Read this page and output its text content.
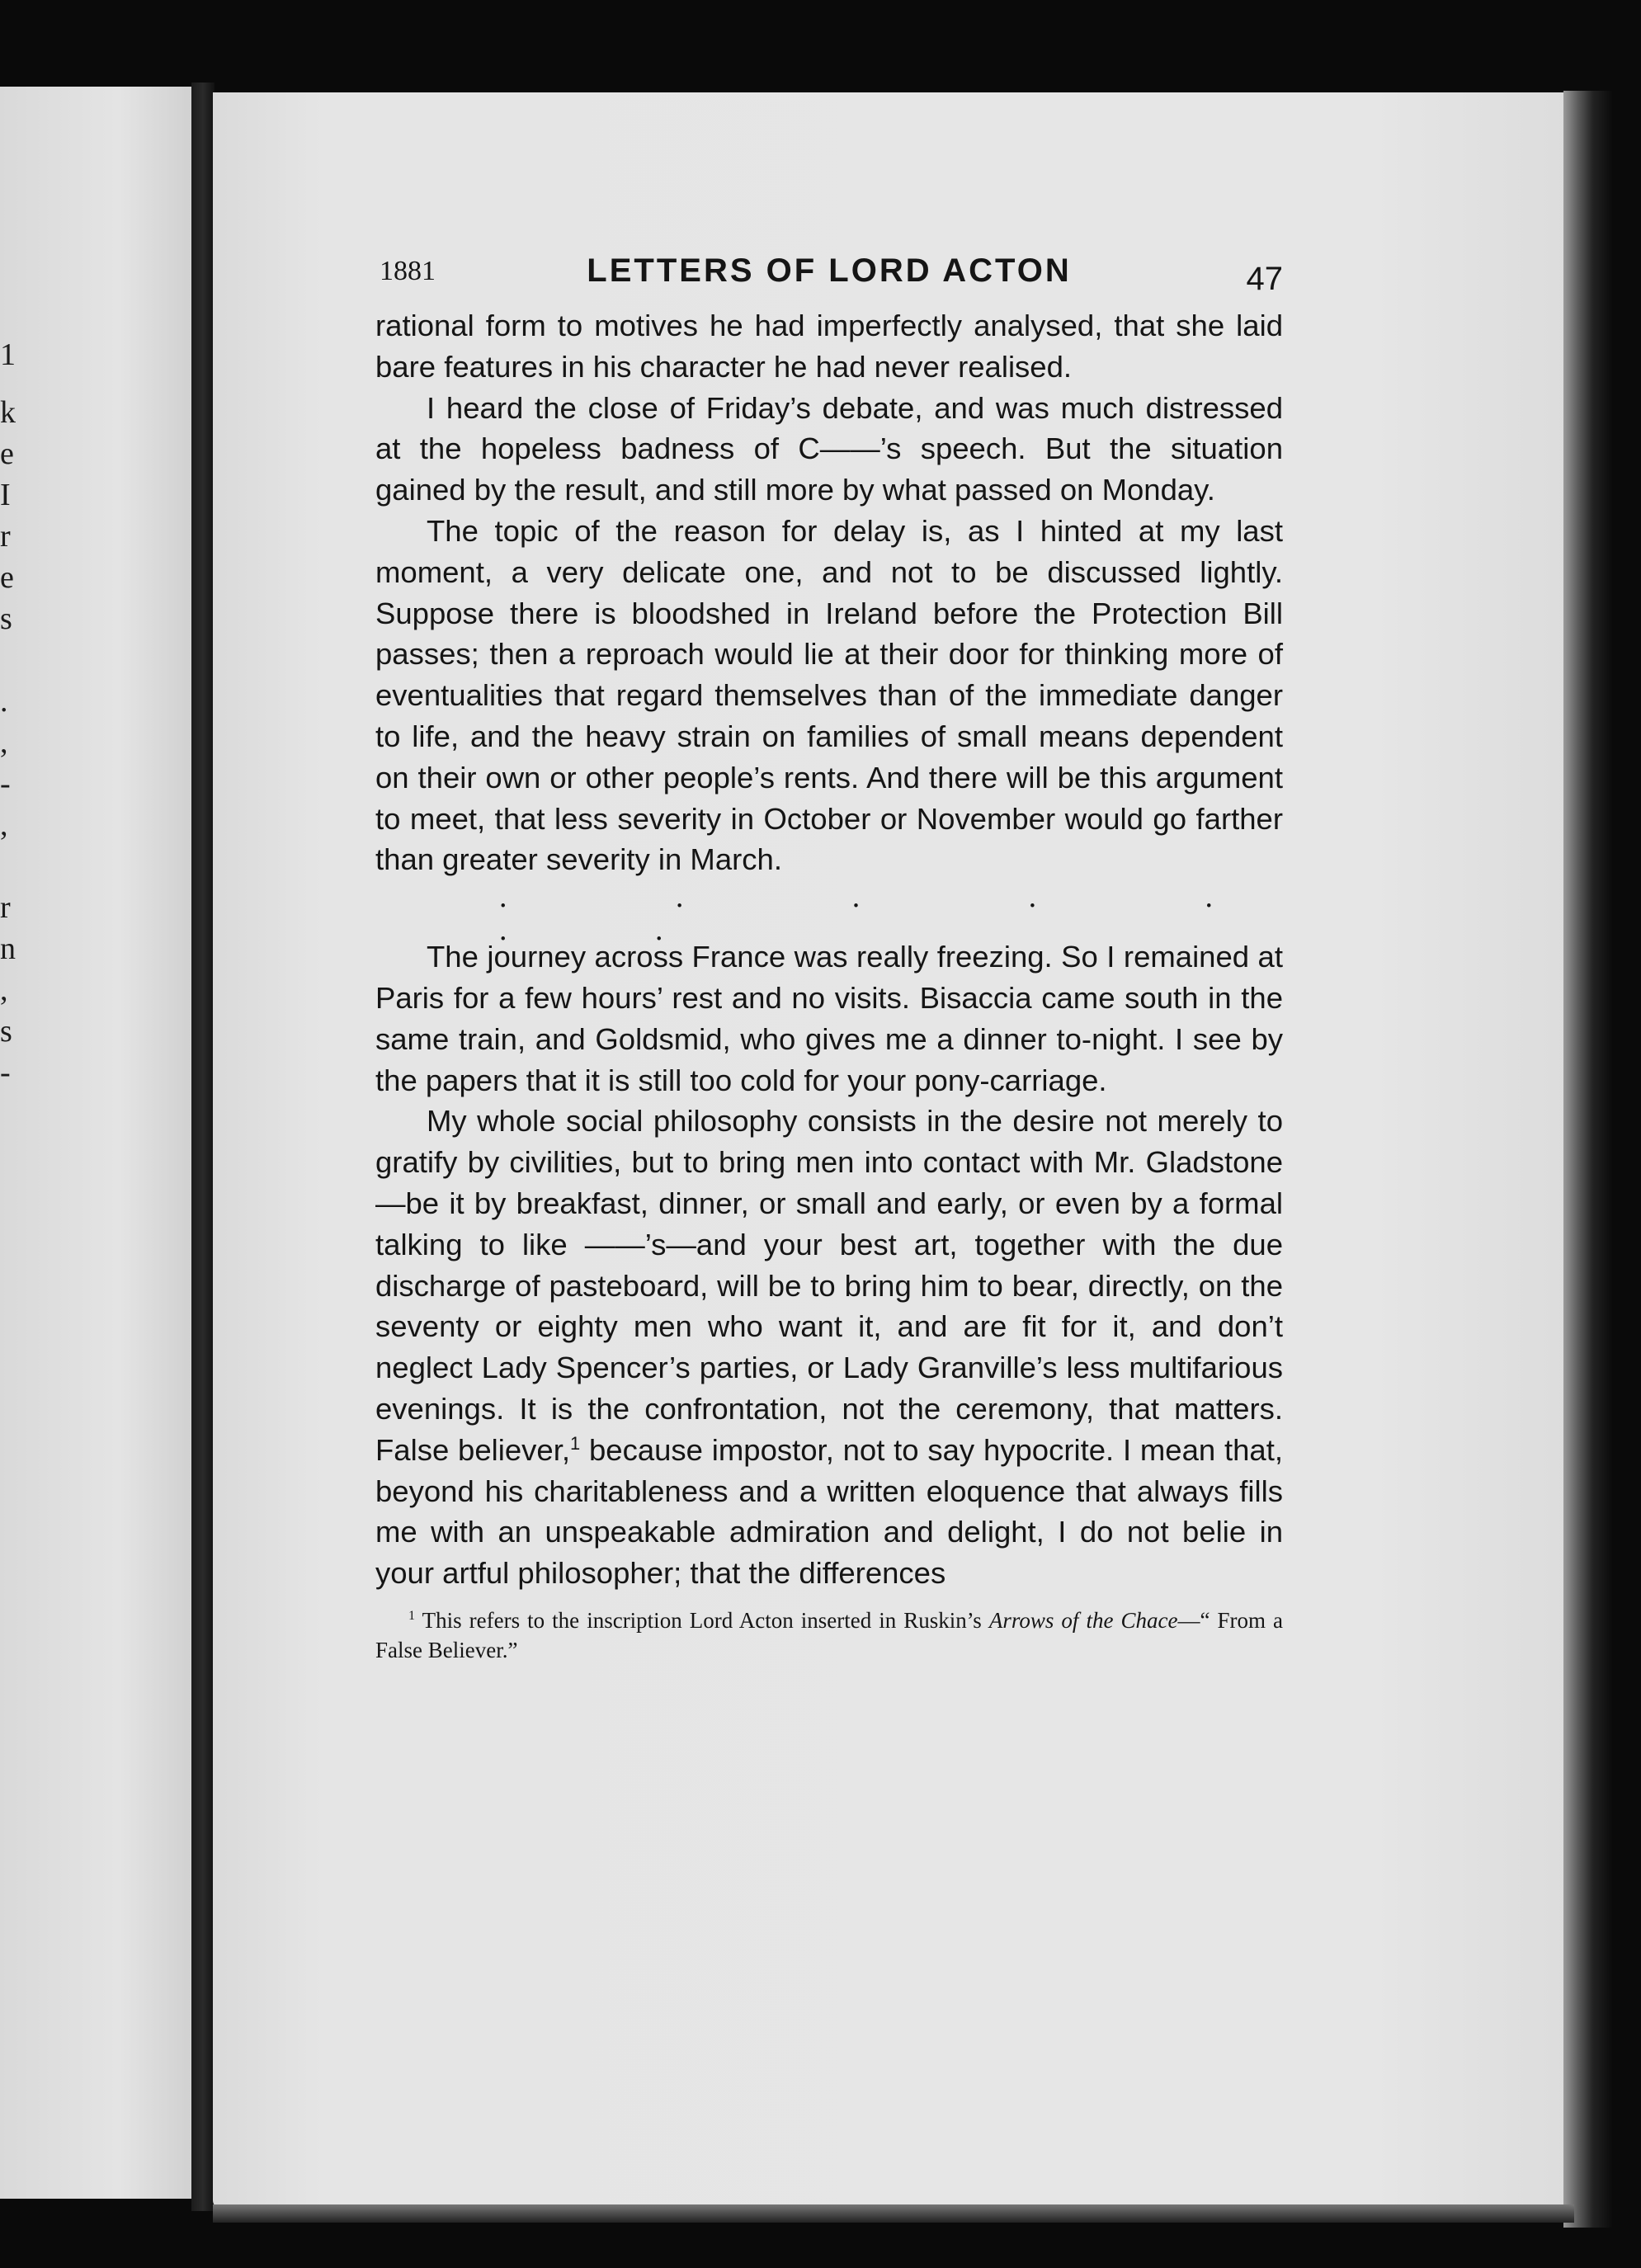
1
k
e
I
r
e
s
.
,
-
,
r
n
,
s
-
1881	LETTERS OF LORD ACTON	47

rational form to motives he had imperfectly analysed, that she laid bare features in his character he had never realised.

I heard the close of Friday’s debate, and was much distressed at the hopeless badness of C——’s speech. But the situation gained by the result, and still more by what passed on Monday.

The topic of the reason for delay is, as I hinted at my last moment, a very delicate one, and not to be discussed lightly. Suppose there is bloodshed in Ireland before the Protection Bill passes; then a reproach would lie at their door for thinking more of eventualities that regard themselves than of the immediate danger to life, and the heavy strain on families of small means dependent on their own or other people’s rents. And there will be this argument to meet, that less severity in October or November would go farther than greater severity in March.

. . . . . . .

The journey across France was really freezing. So I remained at Paris for a few hours’ rest and no visits. Bisaccia came south in the same train, and Goldsmid, who gives me a dinner to-night. I see by the papers that it is still too cold for your pony-carriage.

My whole social philosophy consists in the desire not merely to gratify by civilities, but to bring men into contact with Mr. Gladstone—be it by breakfast, dinner, or small and early, or even by a formal talking to like ——’s—and your best art, together with the due discharge of pasteboard, will be to bring him to bear, directly, on the seventy or eighty men who want it, and are fit for it, and don’t neglect Lady Spencer’s parties, or Lady Granville’s less multifarious evenings. It is the confrontation, not the ceremony, that matters. False believer,$^1$ because impostor, not to say hypocrite. I mean that, beyond his charitableness and a written eloquence that always fills me with an unspeakable admiration and delight, I do not belie in your artful philosopher; that the differences

$^1$ This refers to the inscription Lord Acton inserted in Ruskin’s Arrows of the Chace—“ From a False Believer.”
